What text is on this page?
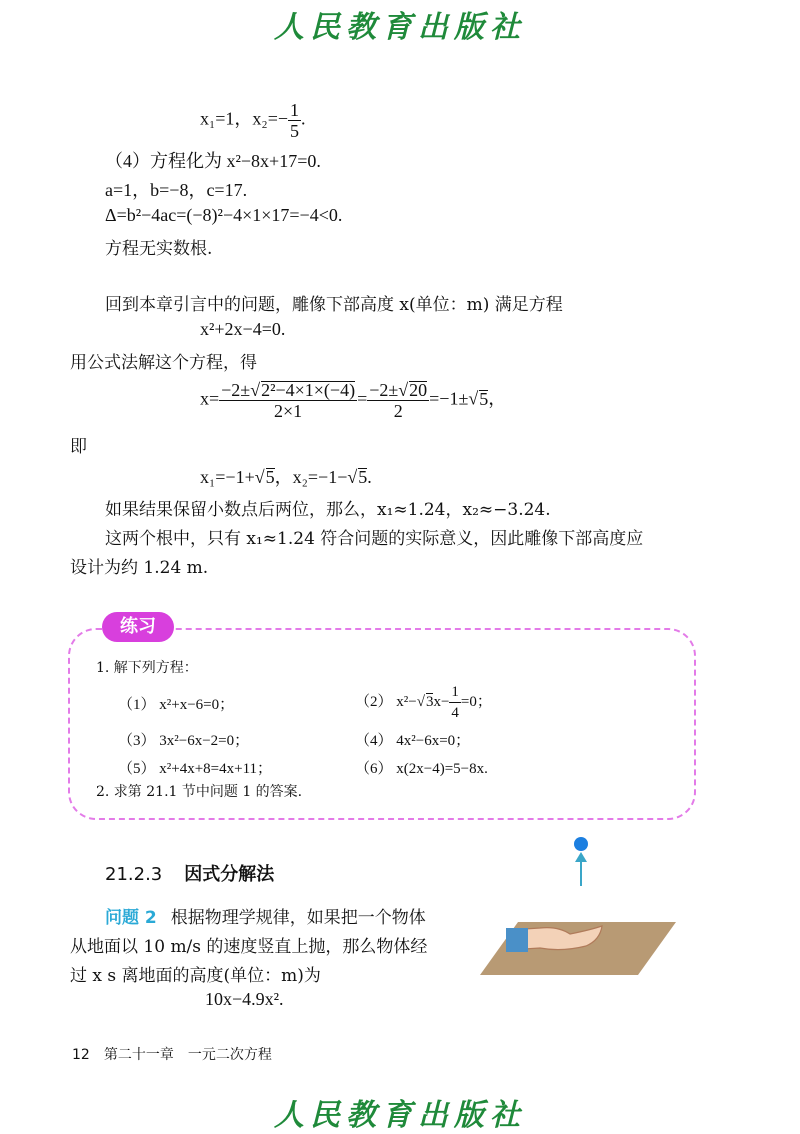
人民教育出版社
x₁=1，$x_2=- \frac{1}{5}$ .
（4）方程化为 x²−8x+17=0.
a=1，b=−8，c=17.
Δ=b²−4ac=(−8)²−4×1×17=−4<0.
方程无实数根.
回到本章引言中的问题，雕像下部高度 x(单位：m) 满足方程
x²+2x−4=0.
用公式法解这个方程，得
$x= \frac{\text{−2±√2²−4×1×(−4)}}{2\times 1} = \frac{-2\pm√20}{2} =-1\pm√5$，
即
x₁=−1+√5，x₂=−1−√5.
如果结果保留小数点后两位，那么，x₁≈1.24，x₂≈−3.24.
这两个根中，只有 x₁≈1.24 符合问题的实际意义，因此雕像下部高度应
设计为约 1.24 m.
练习
1. 解下列方程：
（1） x²+x−6=0；	（2） $x^2-√3x- \frac{1}{4} =0$；
（3） 3x²−6x−2=0；	（4） 4x²−6x=0；
（5） x²+4x+8=4x+11；	（6） x(2x−4)=5−8x.
2. 求第 21.1 节中问题 1 的答案.
21.2.3 因式分解法
问题 2 根据物理学规律，如果把一个物体
从地面以 10 m/s 的速度竖直上抛，那么物体经
过 x s 离地面的高度(单位：m)为
10x−4.9x².
12 第二十一章　一元二次方程
人民教育出版社
